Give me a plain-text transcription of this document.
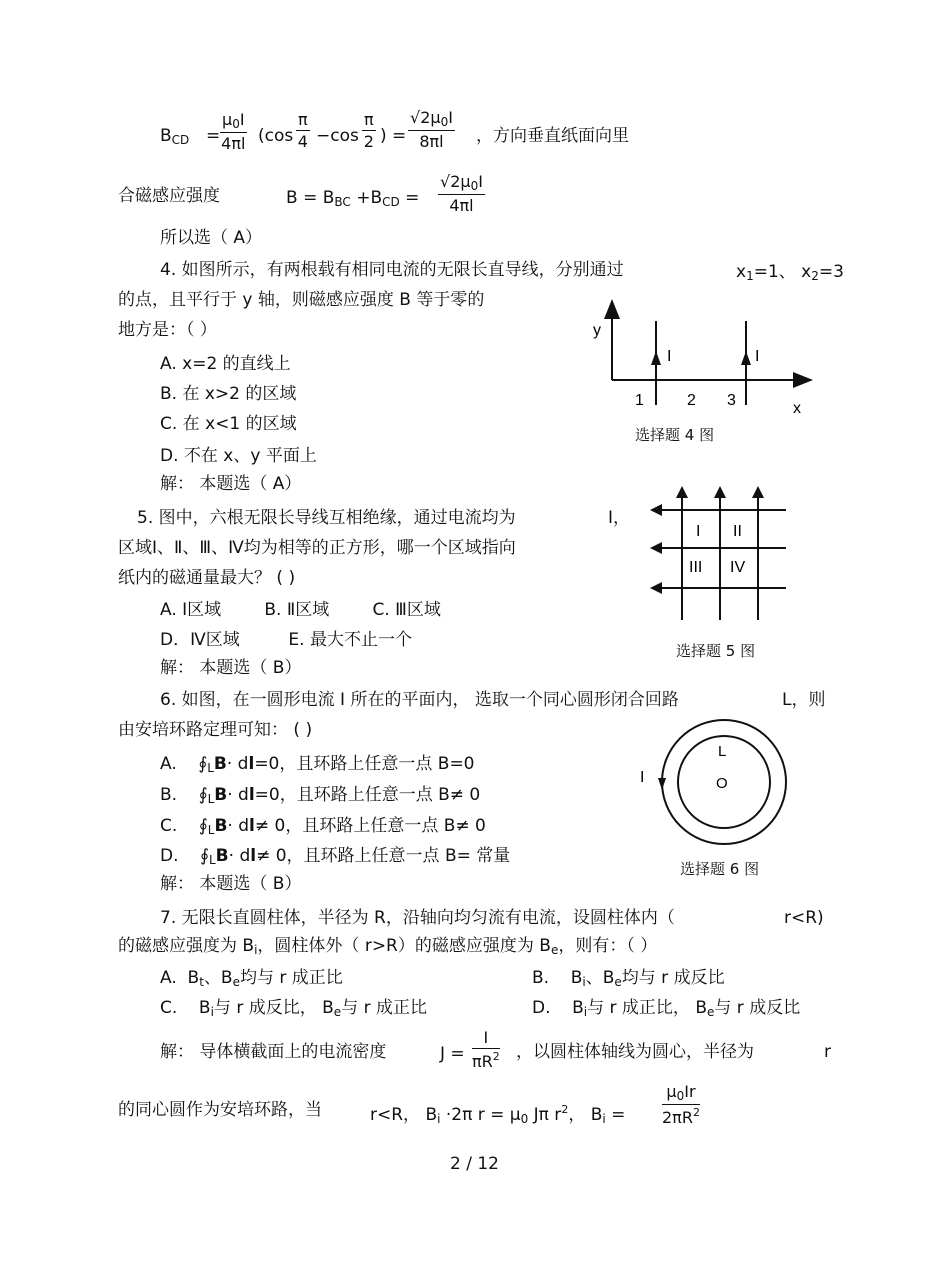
BCD = $\frac{\mu 0I}{4\pi l} (\cos \frac{\pi}{4} -\cos \frac{\pi}{2}$ ) = $\frac{√2\mu 0I}{8\pi l}$ ，方向垂直纸面向里
合磁感应强度	B = BBC $+BCD = \frac{√2\mu 0I}{4\pi l}$
所以选（ A）
4. 如图所示，有两根载有相同电流的无限长直导线，分别通过	x1=1、 x2=3
的点，且平行于 y 轴，则磁感应强度 B 等于零的
地方是：（ ）
A. x=2 的直线上
B. 在 x>2 的区域
C. 在 x<1 的区域
D. 不在 x、y 平面上
解： 本题选（ A）
y
x
I	I
1	2 3
选择题 4 图
5. 图中，六根无限长导线互相绝缘，通过电流均为	I，
区域Ⅰ、Ⅱ、Ⅲ、Ⅳ均为相等的正方形，哪一个区域指向
纸内的磁通量最大？ ( )
A. Ⅰ区域	B. Ⅱ区域	C. Ⅲ区域
D．Ⅳ区域	E. 最大不止一个
解： 本题选（ B）
I II
III IV
选择题 5 图
6. 如图，在一圆形电流 I 所在的平面内， 选取一个同心圆形闭合回路	L，则
由安培环路定理可知： ( )
A. ∮LB· dl=0，且环路上任意一点 B=0
B. ∮LB· dl=0，且环路上任意一点 B≠ 0
C. ∮LB· dl≠ 0，且环路上任意一点 B≠ 0
D. ∮LB· dl≠ 0，且环路上任意一点 B= 常量
解： 本题选（ B）
L
O
I
选择题 6 图
7. 无限长直圆柱体，半径为 R，沿轴向均匀流有电流，设圆柱体内（	r<R)
的磁感应强度为 Bi，圆柱体外（ r>R）的磁感应强度为 Be，则有：（ ）
A. Bt、Be均与 r 成正比	B. Bi、Be均与 r 成反比
C. Bi与 r 成反比， Be与 r 成正比	D. Bi与 r 成正比， Be与 r 成反比
解： 导体横截面上的电流密度	$J = \frac{I}{\pi R^2}$ ，以圆柱体轴线为圆心，半径为	r
的同心圆作为安培环路，当	r<R， Bi ·2π r = μ0 Jπ $r^2$， $Bi = \frac{\mu 0Ir}{2\pi R^2}$
2 / 12
